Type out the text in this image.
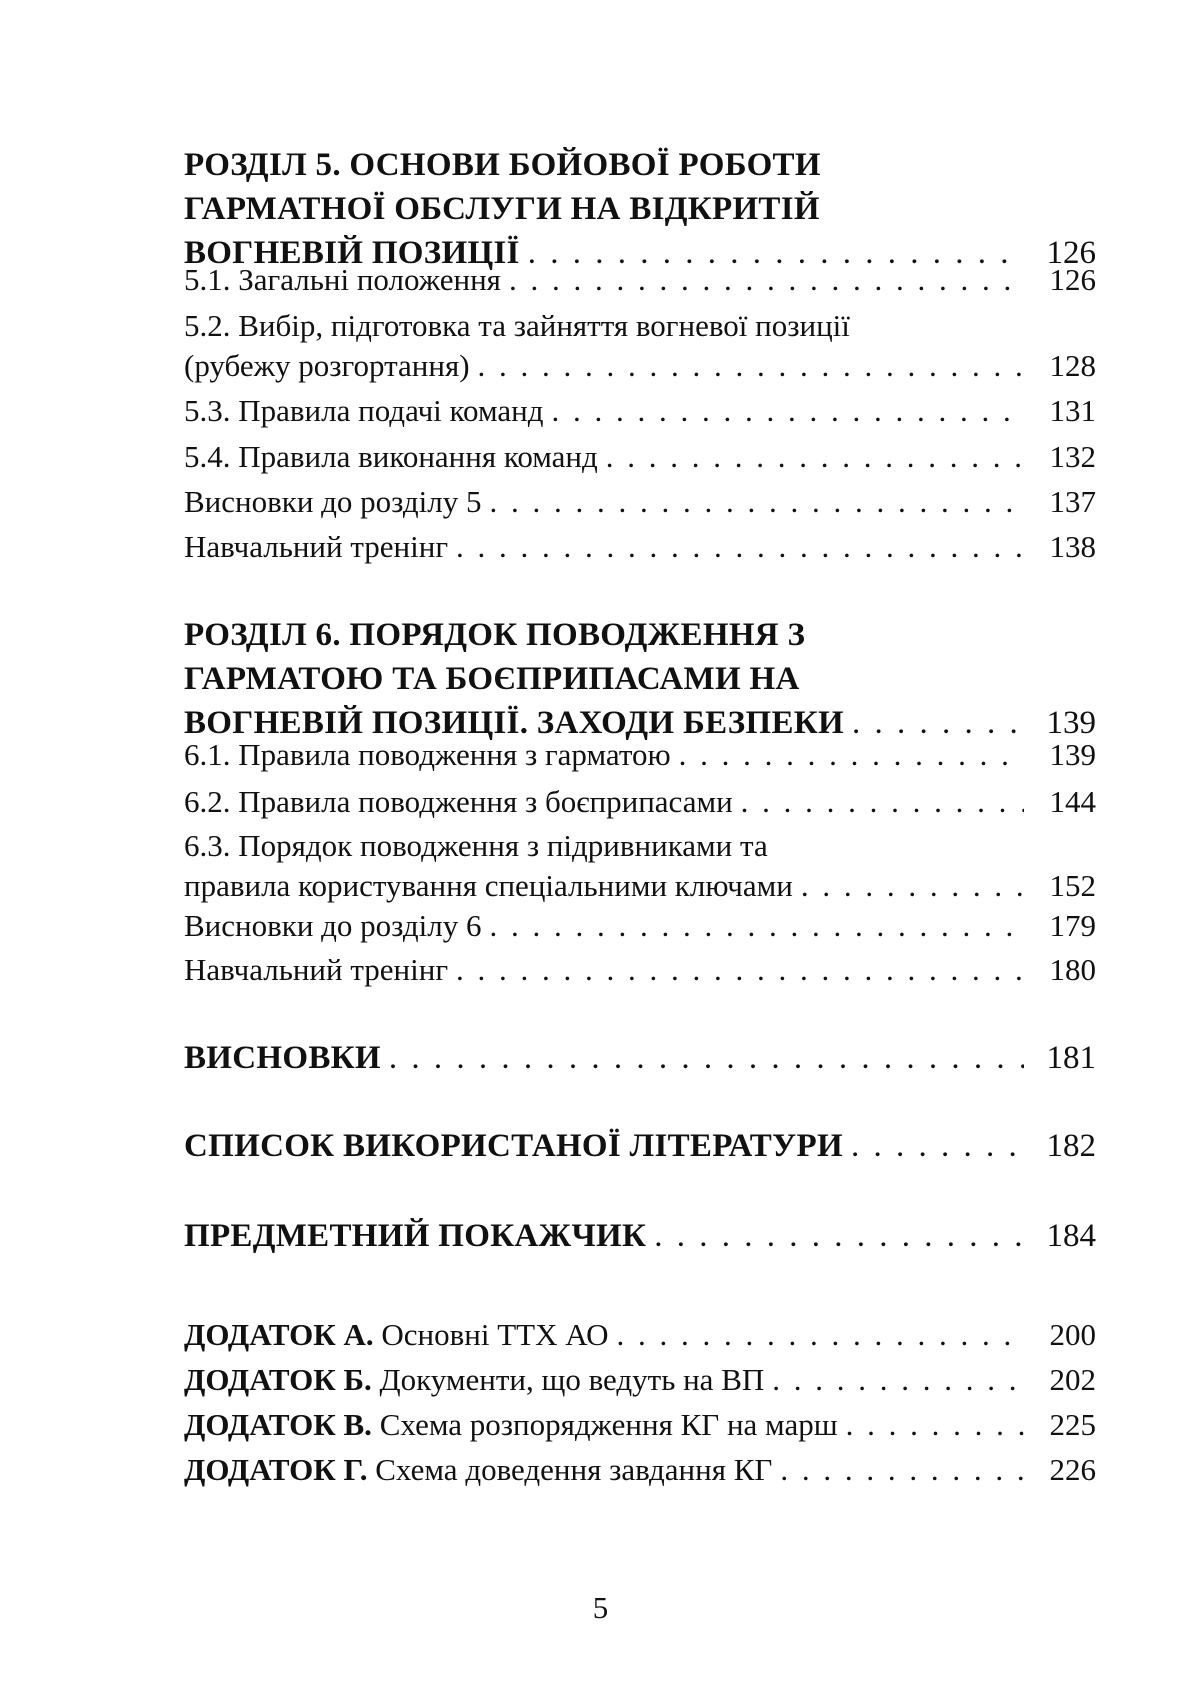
РОЗДІЛ 5. ОСНОВИ БОЙОВОЇ РОБОТИ
ГАРМАТНОЇ ОБСЛУГИ НА ВІДКРИТІЙ
ВОГНЕВІЙ ПОЗИЦІЇ . . .	126
5.1. Загальні положення . . .	126
5.2. Вибір, підготовка та зайняття вогневої позиції
(рубежу розгортання) . . .	128
5.3. Правила подачі команд . . .	131
5.4. Правила виконання команд . . .	132
Висновки до розділу 5 . . .	137
Навчальний тренінг . . .	138
РОЗДІЛ 6. ПОРЯДОК ПОВОДЖЕННЯ З
ГАРМАТОЮ ТА БОЄПРИПАСАМИ НА
ВОГНЕВІЙ ПОЗИЦІЇ. ЗАХОДИ БЕЗПЕКИ . . .	139
6.1. Правила поводження з гарматою . . .	139
6.2. Правила поводження з боєприпасами . . .	144
6.3. Порядок поводження з підривниками та
правила користування спеціальними ключами . . .	152
Висновки до розділу 6 . . .	179
Навчальний тренінг . . .	180
ВИСНОВКИ . . .	181
СПИСОК ВИКОРИСТАНОЇ ЛІТЕРАТУРИ . . .	182
ПРЕДМЕТНИЙ ПОКАЖЧИК . . .	184
ДОДАТОК А. Основні ТТХ АО . . .	200
ДОДАТОК Б. Документи, що ведуть на ВП . . .	202
ДОДАТОК В. Схема розпорядження КГ на марш . . .	225
ДОДАТОК Г. Схема доведення завдання КГ . . .	226
5
